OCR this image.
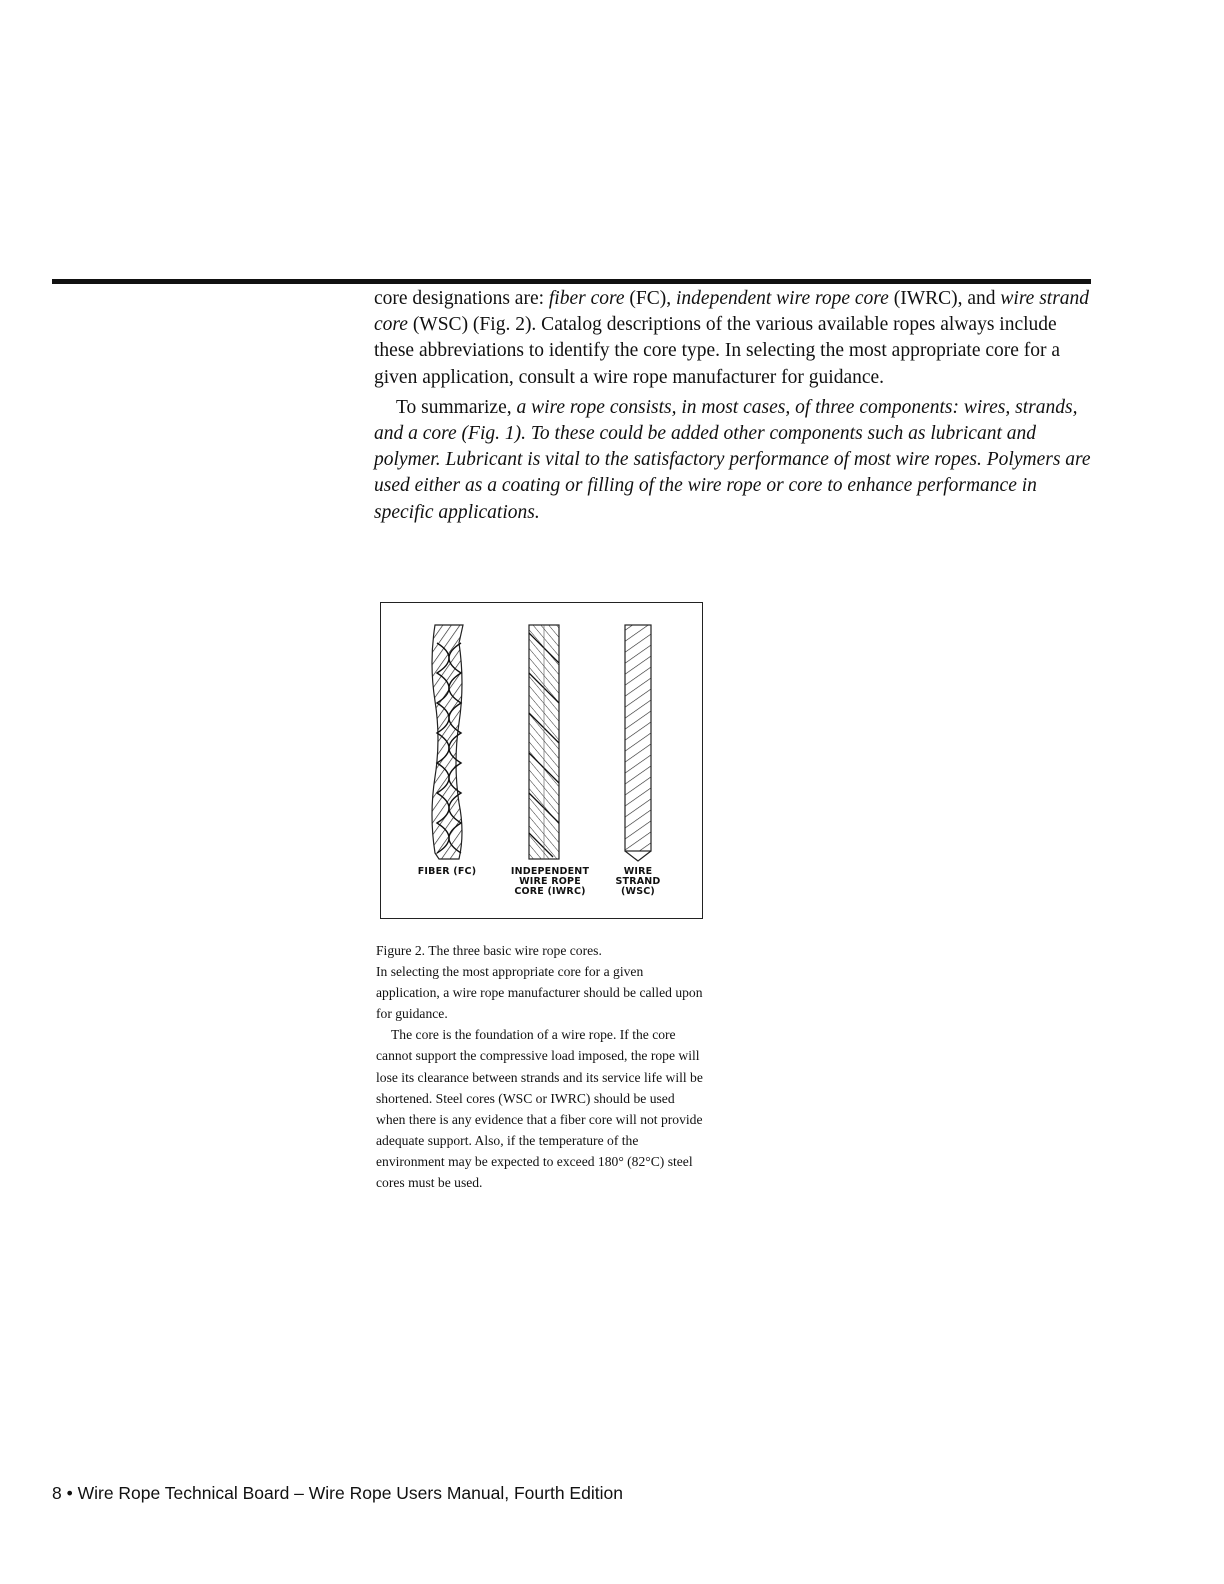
core designations are: fiber core (FC), independent wire rope core (IWRC), and wire strand core (WSC) (Fig. 2). Catalog descriptions of the various available ropes always include these abbreviations to identify the core type. In selecting the most appropriate core for a given application, consult a wire rope manufacturer for guidance.

To summarize, a wire rope consists, in most cases, of three components: wires, strands, and a core (Fig. 1). To these could be added other components such as lubricant and polymer. Lubricant is vital to the satisfactory performance of most wire ropes. Polymers are used either as a coating or filling of the wire rope or core to enhance performance in specific applications.

FIBER (FC)	INDEPENDENT
WIRE ROPE
CORE (IWRC)
WIRE
STRAND
(WSC)

Figure 2. The three basic wire rope cores.

In selecting the most appropriate core for a given application, a wire rope manufacturer should be called upon for guidance.

The core is the foundation of a wire rope. If the core cannot support the compressive load imposed, the rope will lose its clearance between strands and its service life will be shortened. Steel cores (WSC or IWRC) should be used when there is any evidence that a fiber core will not provide adequate support. Also, if the temperature of the environment may be expected to exceed 180° (82°C) steel cores must be used.

8 • Wire Rope Technical Board – Wire Rope Users Manual, Fourth Edition
